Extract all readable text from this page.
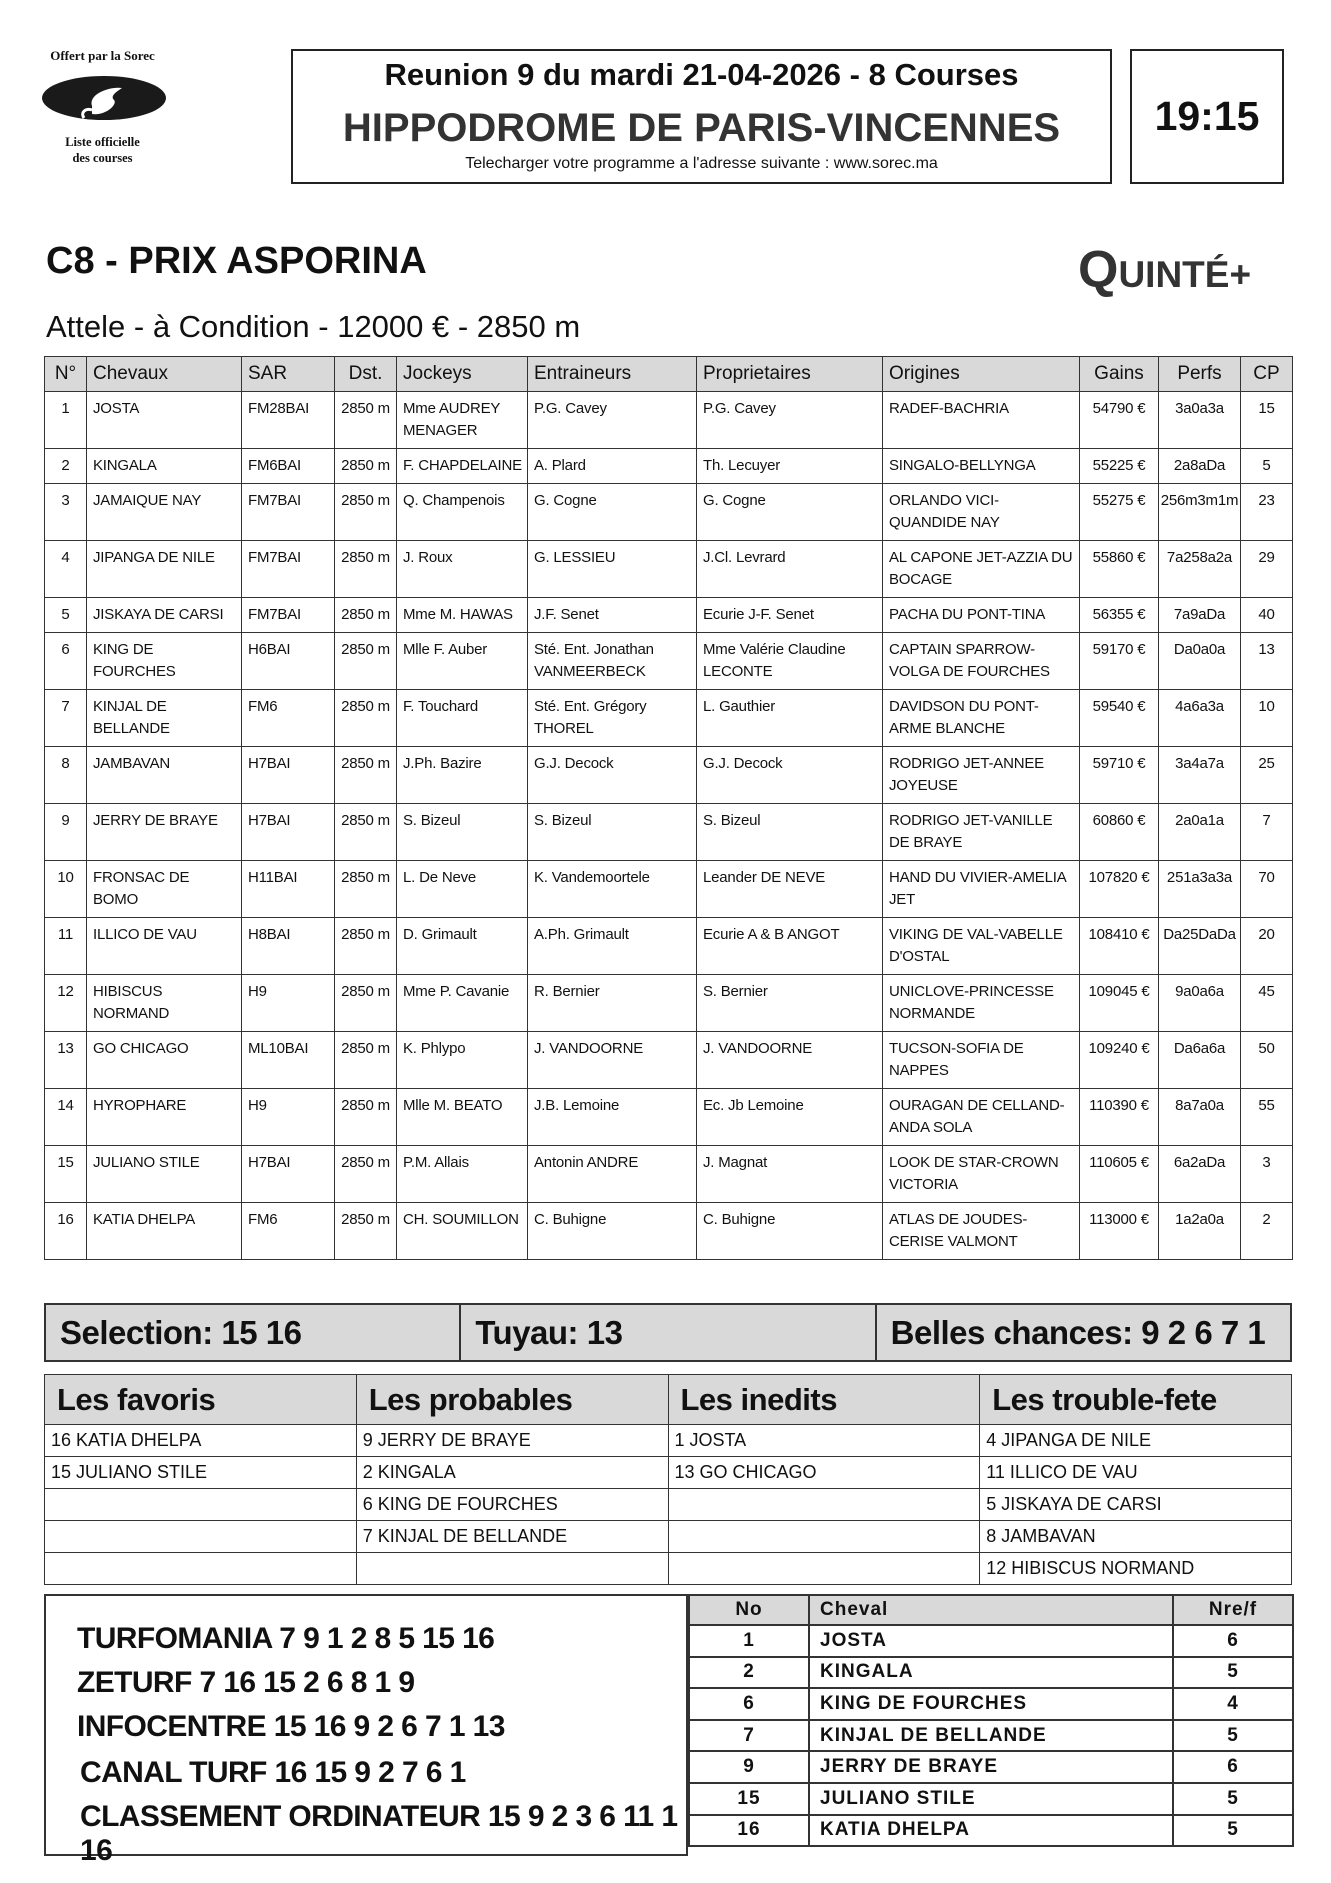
Offert par la Sorec
Liste officielle
des courses
Reunion 9 du mardi 21-04-2026 - 8 Courses
HIPPODROME DE PARIS-VINCENNES
Telecharger votre programme a l'adresse suivante : www.sorec.ma
19:15
C8 - PRIX ASPORINA	QUINTÉ+
Attele - à Condition - 12000 € - 2850 m
N°	Chevaux	SAR	Dst.	Jockeys	Entraineurs	Proprietaires	Origines	Gains	Perfs	CP
1	JOSTA	FM28BAI	2850 m	Mme AUDREY MENAGER	P.G. Cavey	P.G. Cavey	RADEF-BACHRIA	54790 €	3a0a3a	15
2	KINGALA	FM6BAI	2850 m	F. CHAPDELAINE	A. Plard	Th. Lecuyer	SINGALO-BELLYNGA	55225 €	2a8aDa	5
3	JAMAIQUE NAY	FM7BAI	2850 m	Q. Champenois	G. Cogne	G. Cogne	ORLANDO VICI-QUANDIDE NAY	55275 €	256m3m1m	23
4	JIPANGA DE NILE	FM7BAI	2850 m	J. Roux	G. LESSIEU	J.Cl. Levrard	AL CAPONE JET-AZZIA DU BOCAGE	55860 €	7a258a2a	29
5	JISKAYA DE CARSI	FM7BAI	2850 m	Mme M. HAWAS	J.F. Senet	Ecurie J-F. Senet	PACHA DU PONT-TINA	56355 €	7a9aDa	40
6	KING DE FOURCHES	H6BAI	2850 m	Mlle F. Auber	Sté. Ent. Jonathan VANMEERBECK	Mme Valérie Claudine LECONTE	CAPTAIN SPARROW-VOLGA DE FOURCHES	59170 €	Da0a0a	13
7	KINJAL DE BELLANDE	FM6	2850 m	F. Touchard	Sté. Ent. Grégory THOREL	L. Gauthier	DAVIDSON DU PONT-ARME BLANCHE	59540 €	4a6a3a	10
8	JAMBAVAN	H7BAI	2850 m	J.Ph. Bazire	G.J. Decock	G.J. Decock	RODRIGO JET-ANNEE JOYEUSE	59710 €	3a4a7a	25
9	JERRY DE BRAYE	H7BAI	2850 m	S. Bizeul	S. Bizeul	S. Bizeul	RODRIGO JET-VANILLE DE BRAYE	60860 €	2a0a1a	7
10	FRONSAC DE BOMO	H11BAI	2850 m	L. De Neve	K. Vandemoortele	Leander DE NEVE	HAND DU VIVIER-AMELIA JET	107820 €	251a3a3a	70
11	ILLICO DE VAU	H8BAI	2850 m	D. Grimault	A.Ph. Grimault	Ecurie A & B ANGOT	VIKING DE VAL-VABELLE D'OSTAL	108410 €	Da25DaDa	20
12	HIBISCUS NORMAND	H9	2850 m	Mme P. Cavanie	R. Bernier	S. Bernier	UNICLOVE-PRINCESSE NORMANDE	109045 €	9a0a6a	45
13	GO CHICAGO	ML10BAI	2850 m	K. Phlypo	J. VANDOORNE	J. VANDOORNE	TUCSON-SOFIA DE NAPPES	109240 €	Da6a6a	50
14	HYROPHARE	H9	2850 m	Mlle M. BEATO	J.B. Lemoine	Ec. Jb Lemoine	OURAGAN DE CELLAND-ANDA SOLA	110390 €	8a7a0a	55
15	JULIANO STILE	H7BAI	2850 m	P.M. Allais	Antonin ANDRE	J. Magnat	LOOK DE STAR-CROWN VICTORIA	110605 €	6a2aDa	3
16	KATIA DHELPA	FM6	2850 m	CH. SOUMILLON	C. Buhigne	C. Buhigne	ATLAS DE JOUDES-CERISE VALMONT	113000 €	1a2a0a	2
Selection: 15 16	Tuyau: 13	Belles chances: 9 2 6 7 1
Les favoris	Les probables	Les inedits	Les trouble-fete
16 KATIA DHELPA	9 JERRY DE BRAYE	1 JOSTA	4 JIPANGA DE NILE
15 JULIANO STILE	2 KINGALA	13 GO CHICAGO	11 ILLICO DE VAU
	6 KING DE FOURCHES		5 JISKAYA DE CARSI
	7 KINJAL DE BELLANDE		8 JAMBAVAN
			12 HIBISCUS NORMAND
TURFOMANIA 7 9 1 2 8 5 15 16
ZETURF 7 16 15 2 6 8 1 9
INFOCENTRE 15 16 9 2 6 7 1 13
CANAL TURF 16 15 9 2 7 6 1
CLASSEMENT ORDINATEUR 15 9 2 3 6 11 1 16
No	Cheval	Nre/f
1	JOSTA	6
2	KINGALA	5
6	KING DE FOURCHES	4
7	KINJAL DE BELLANDE	5
9	JERRY DE BRAYE	6
15	JULIANO STILE	5
16	KATIA DHELPA	5
